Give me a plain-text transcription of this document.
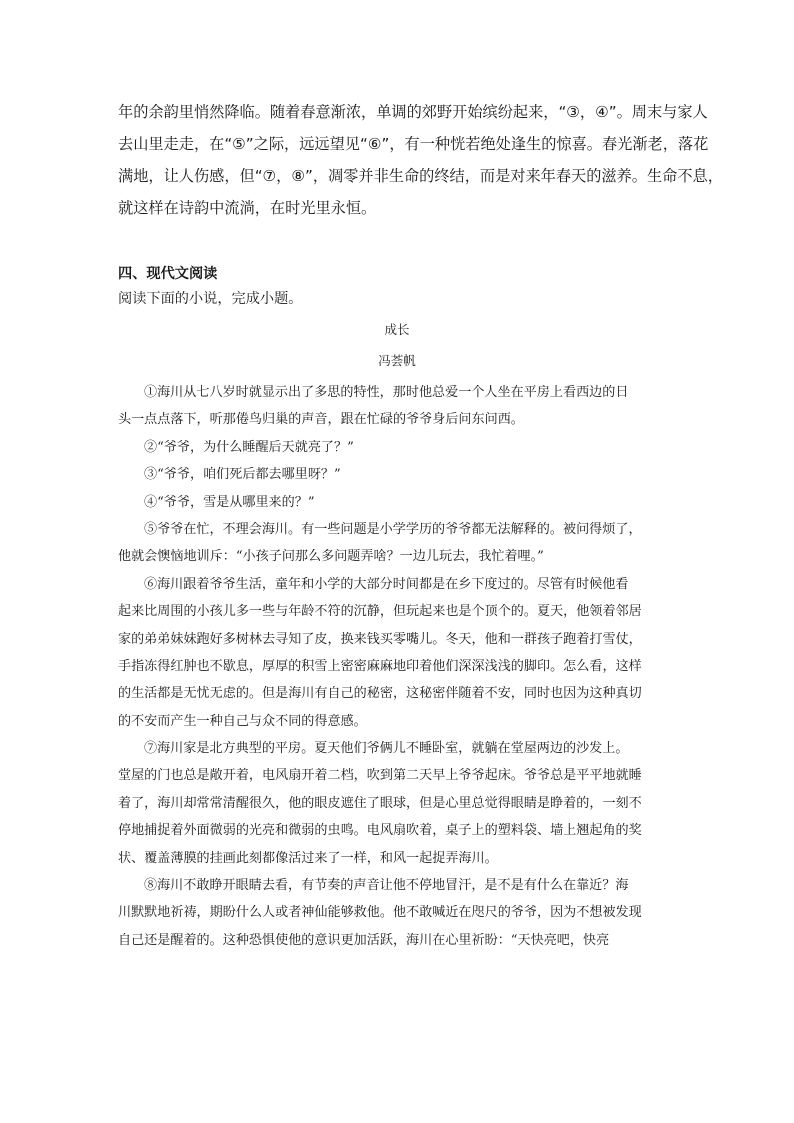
年的余韵里悄然降临。随着春意渐浓，单调的郊野开始缤纷起来，“③，④”。周末与家人
去山里走走，在“⑤”之际，远远望见“⑥”，有一种恍若绝处逢生的惊喜。春光渐老，落花
满地，让人伤感，但“⑦，⑧”，凋零并非生命的终结，而是对来年春天的滋养。生命不息，
就这样在诗韵中流淌，在时光里永恒。
四、现代文阅读
阅读下面的小说，完成小题。
成长
冯荟帆
①海川从七八岁时就显示出了多思的特性，那时他总爱一个人坐在平房上看西边的日
头一点点落下，听那倦鸟归巢的声音，跟在忙碌的爷爷身后问东问西。
②“爷爷，为什么睡醒后天就亮了？”
③“爷爷，咱们死后都去哪里呀？”
④“爷爷，雪是从哪里来的？”
⑤爷爷在忙，不理会海川。有一些问题是小学学历的爷爷都无法解释的。被问得烦了，
他就会懊恼地训斥：“小孩子问那么多问题弄啥？一边儿玩去，我忙着哩。”
⑥海川跟着爷爷生活，童年和小学的大部分时间都是在乡下度过的。尽管有时候他看
起来比周围的小孩儿多一些与年龄不符的沉静，但玩起来也是个顶个的。夏天，他领着邻居
家的弟弟妹妹跑好多树林去寻知了皮，换来钱买零嘴儿。冬天，他和一群孩子跑着打雪仗，
手指冻得红肿也不歇息，厚厚的积雪上密密麻麻地印着他们深深浅浅的脚印。怎么看，这样
的生活都是无忧无虑的。但是海川有自己的秘密，这秘密伴随着不安，同时也因为这种真切
的不安而产生一种自己与众不同的得意感。
⑦海川家是北方典型的平房。夏天他们爷俩儿不睡卧室，就躺在堂屋两边的沙发上。
堂屋的门也总是敞开着，电风扇开着二档，吹到第二天早上爷爷起床。爷爷总是平平地就睡
着了，海川却常常清醒很久，他的眼皮遮住了眼球，但是心里总觉得眼睛是睁着的，一刻不
停地捕捉着外面微弱的光亮和微弱的虫鸣。电风扇吹着，桌子上的塑料袋、墙上翘起角的奖
状、覆盖薄膜的挂画此刻都像活过来了一样，和风一起捉弄海川。
⑧海川不敢睁开眼睛去看，有节奏的声音让他不停地冒汗，是不是有什么在靠近？海
川默默地祈祷，期盼什么人或者神仙能够救他。他不敢喊近在咫尺的爷爷，因为不想被发现
自己还是醒着的。这种恐惧使他的意识更加活跃，海川在心里祈盼：“天快亮吧，快亮
